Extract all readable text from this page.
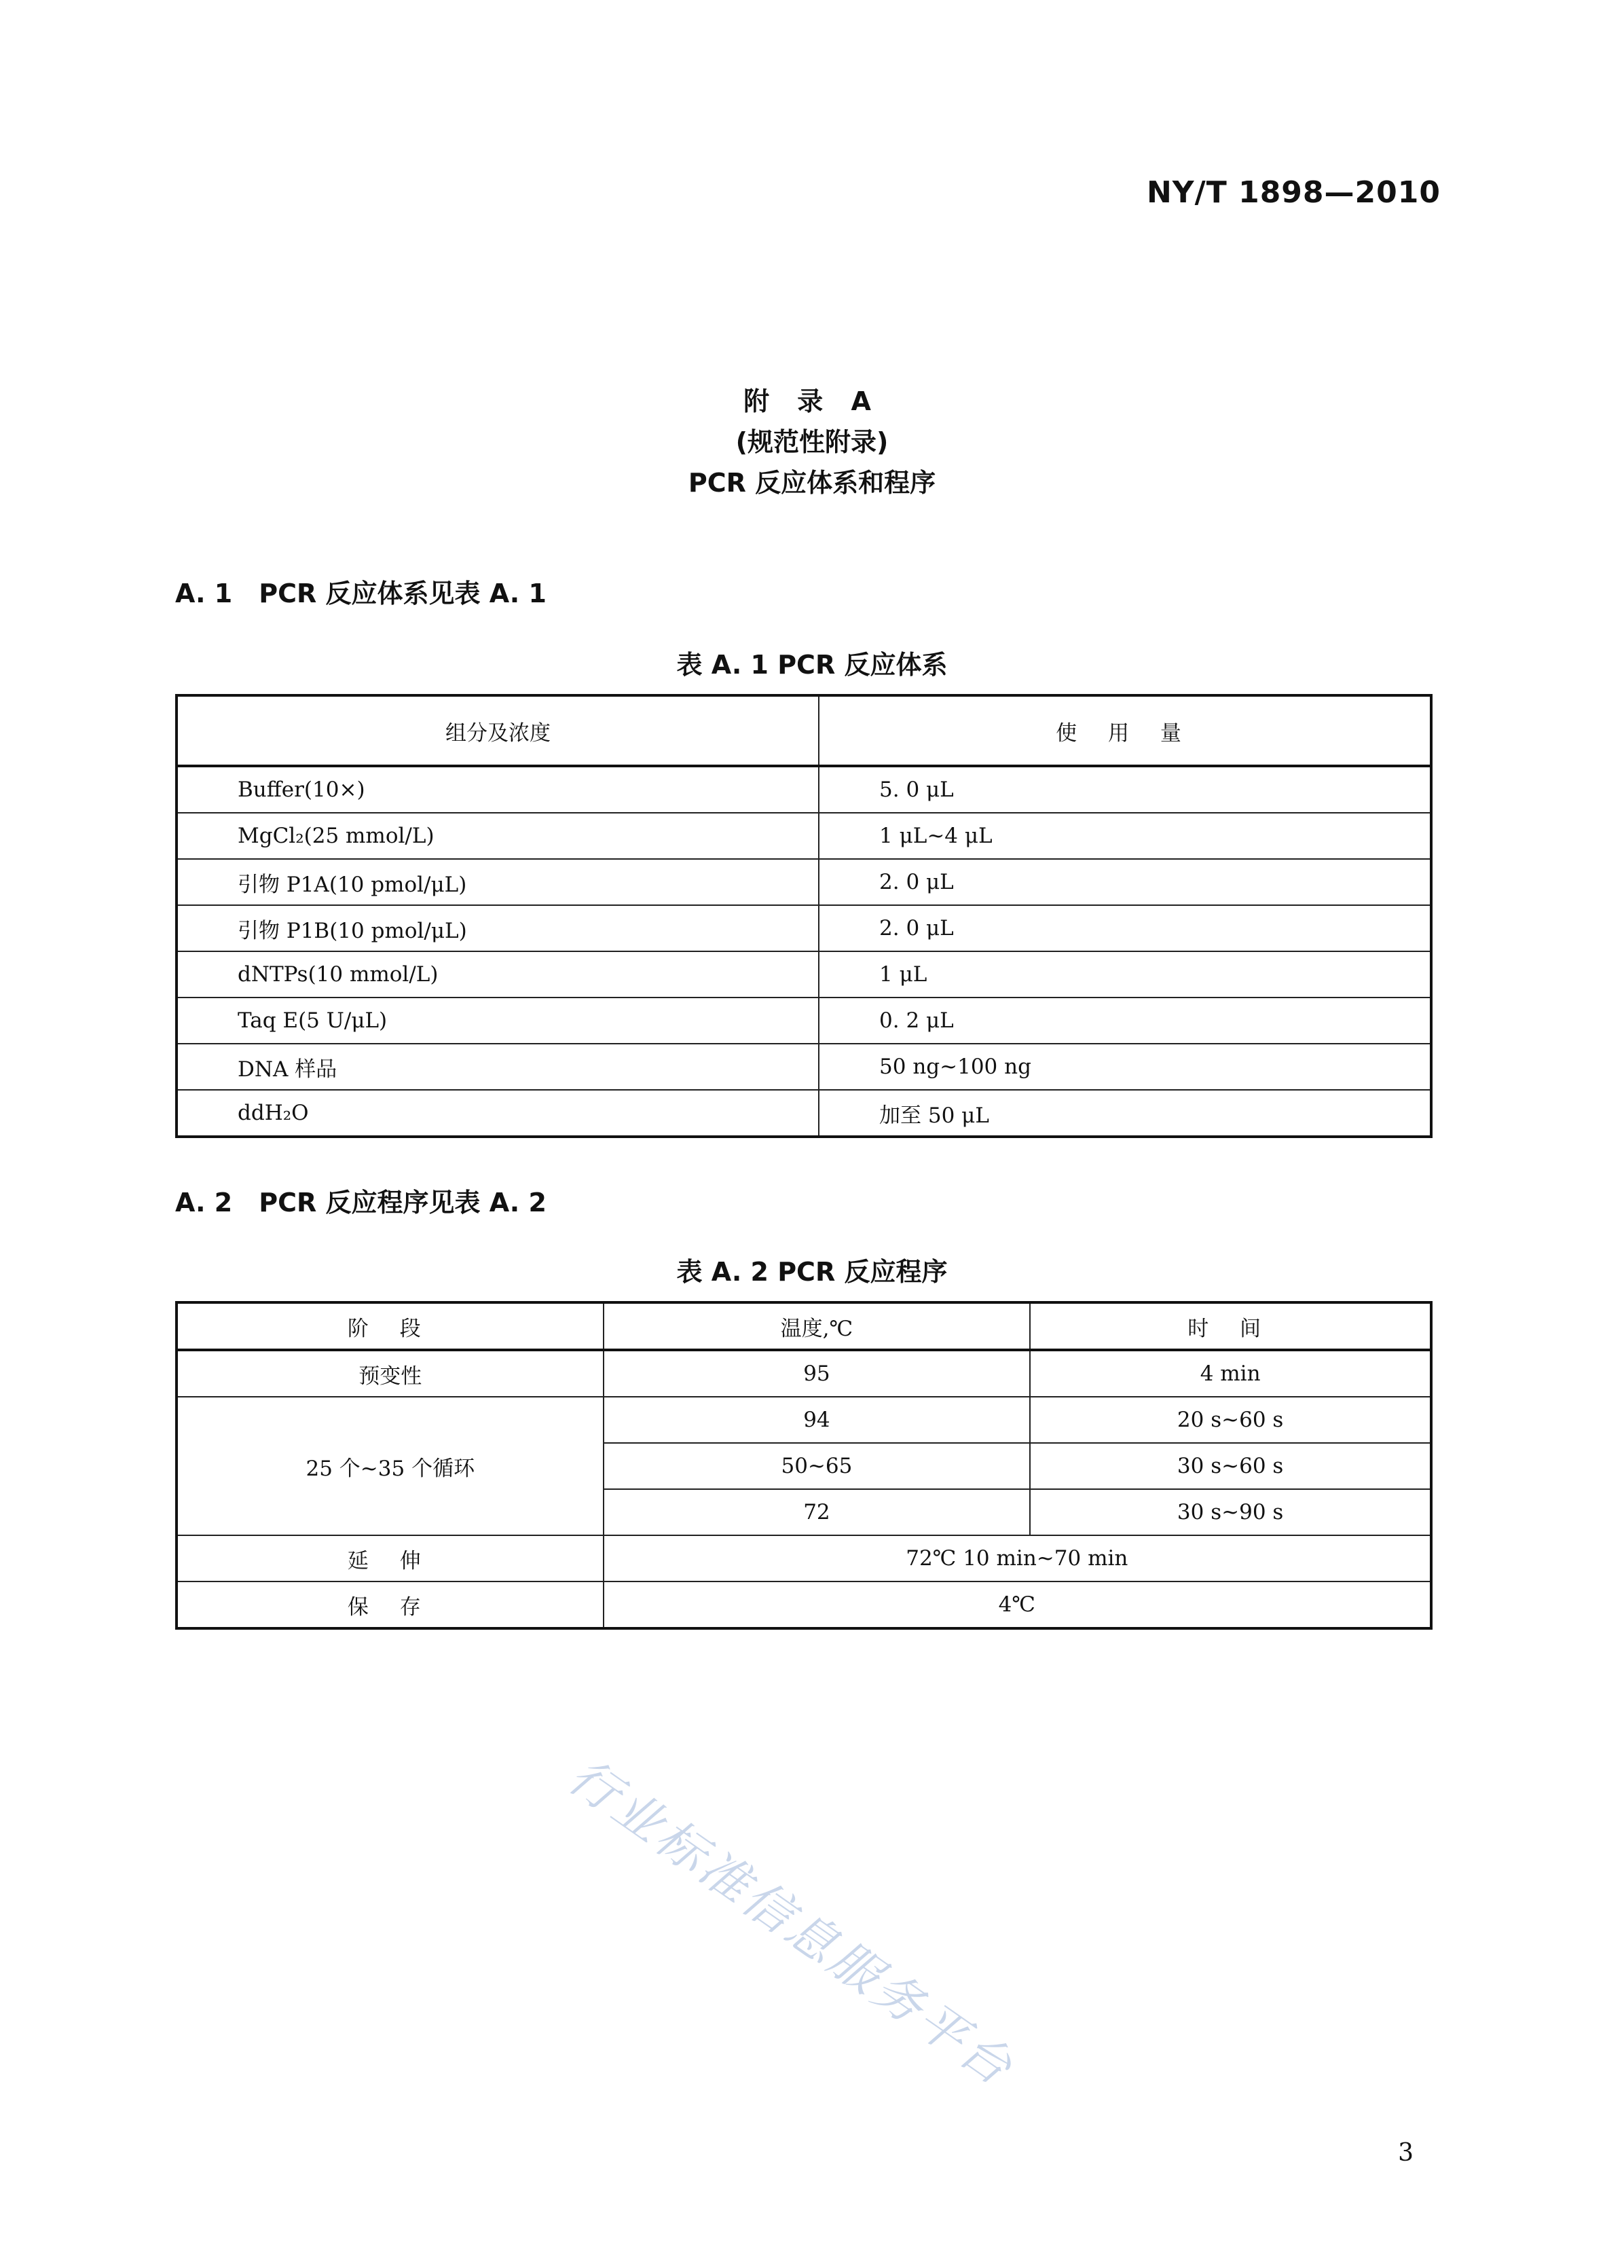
NY/T 1898—2010
附 录 A
(规范性附录)
PCR 反应体系和程序
A. 1 PCR 反应体系见表 A. 1
表 A. 1 PCR 反应体系
组分及浓度	使 用 量
Buffer(10×)	5. 0 μL
MgCl₂(25 mmol/L)	1 μL~4 μL
引物 P1A(10 pmol/μL)	2. 0 μL
引物 P1B(10 pmol/μL)	2. 0 μL
dNTPs(10 mmol/L)	1 μL
Taq E(5 U/μL)	0. 2 μL
DNA 样品	50 ng~100 ng
ddH₂O	加至 50 μL
A. 2 PCR 反应程序见表 A. 2
表 A. 2 PCR 反应程序
阶 段	温度,℃	时 间
预变性	95	4 min
25 个~35 个循环	94	20 s~60 s
	50~65	30 s~60 s
	72	30 s~90 s
延 伸	72℃ 10 min~70 min	
保 存	4℃	
行业标准信息服务平台
3
